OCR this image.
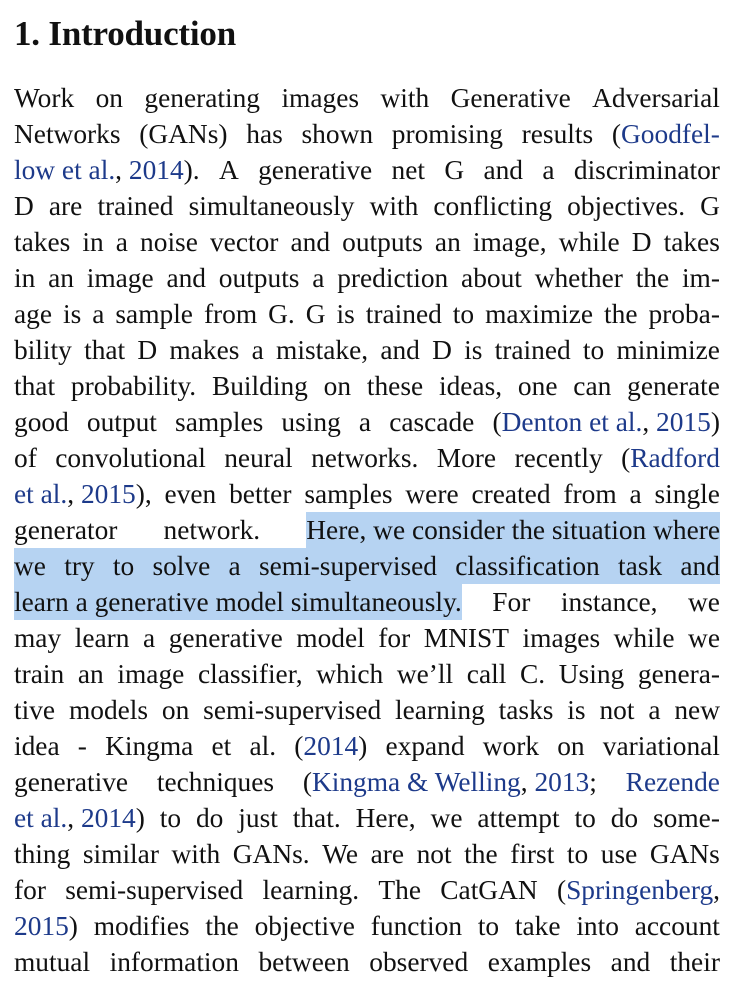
1. Introduction
Work on generating images with Generative Adversarial
Networks (GANs) has shown promising results (Goodfel-
low et al., 2014). A generative net G and a discriminator
D are trained simultaneously with conflicting objectives. G
takes in a noise vector and outputs an image, while D takes
in an image and outputs a prediction about whether the im-
age is a sample from G. G is trained to maximize the proba-
bility that D makes a mistake, and D is trained to minimize
that probability. Building on these ideas, one can generate
good output samples using a cascade (Denton et al., 2015)
of convolutional neural networks. More recently (Radford
et al., 2015), even better samples were created from a single
generator network. Here, we consider the situation where
we try to solve a semi-supervised classification task and
learn a generative model simultaneously. For instance, we
may learn a generative model for MNIST images while we
train an image classifier, which we’ll call C. Using genera-
tive models on semi-supervised learning tasks is not a new
idea - Kingma et al. (2014) expand work on variational
generative techniques (Kingma & Welling, 2013; Rezende
et al., 2014) to do just that. Here, we attempt to do some-
thing similar with GANs. We are not the first to use GANs
for semi-supervised learning. The CatGAN (Springenberg,
2015) modifies the objective function to take into account
mutual information between observed examples and their
